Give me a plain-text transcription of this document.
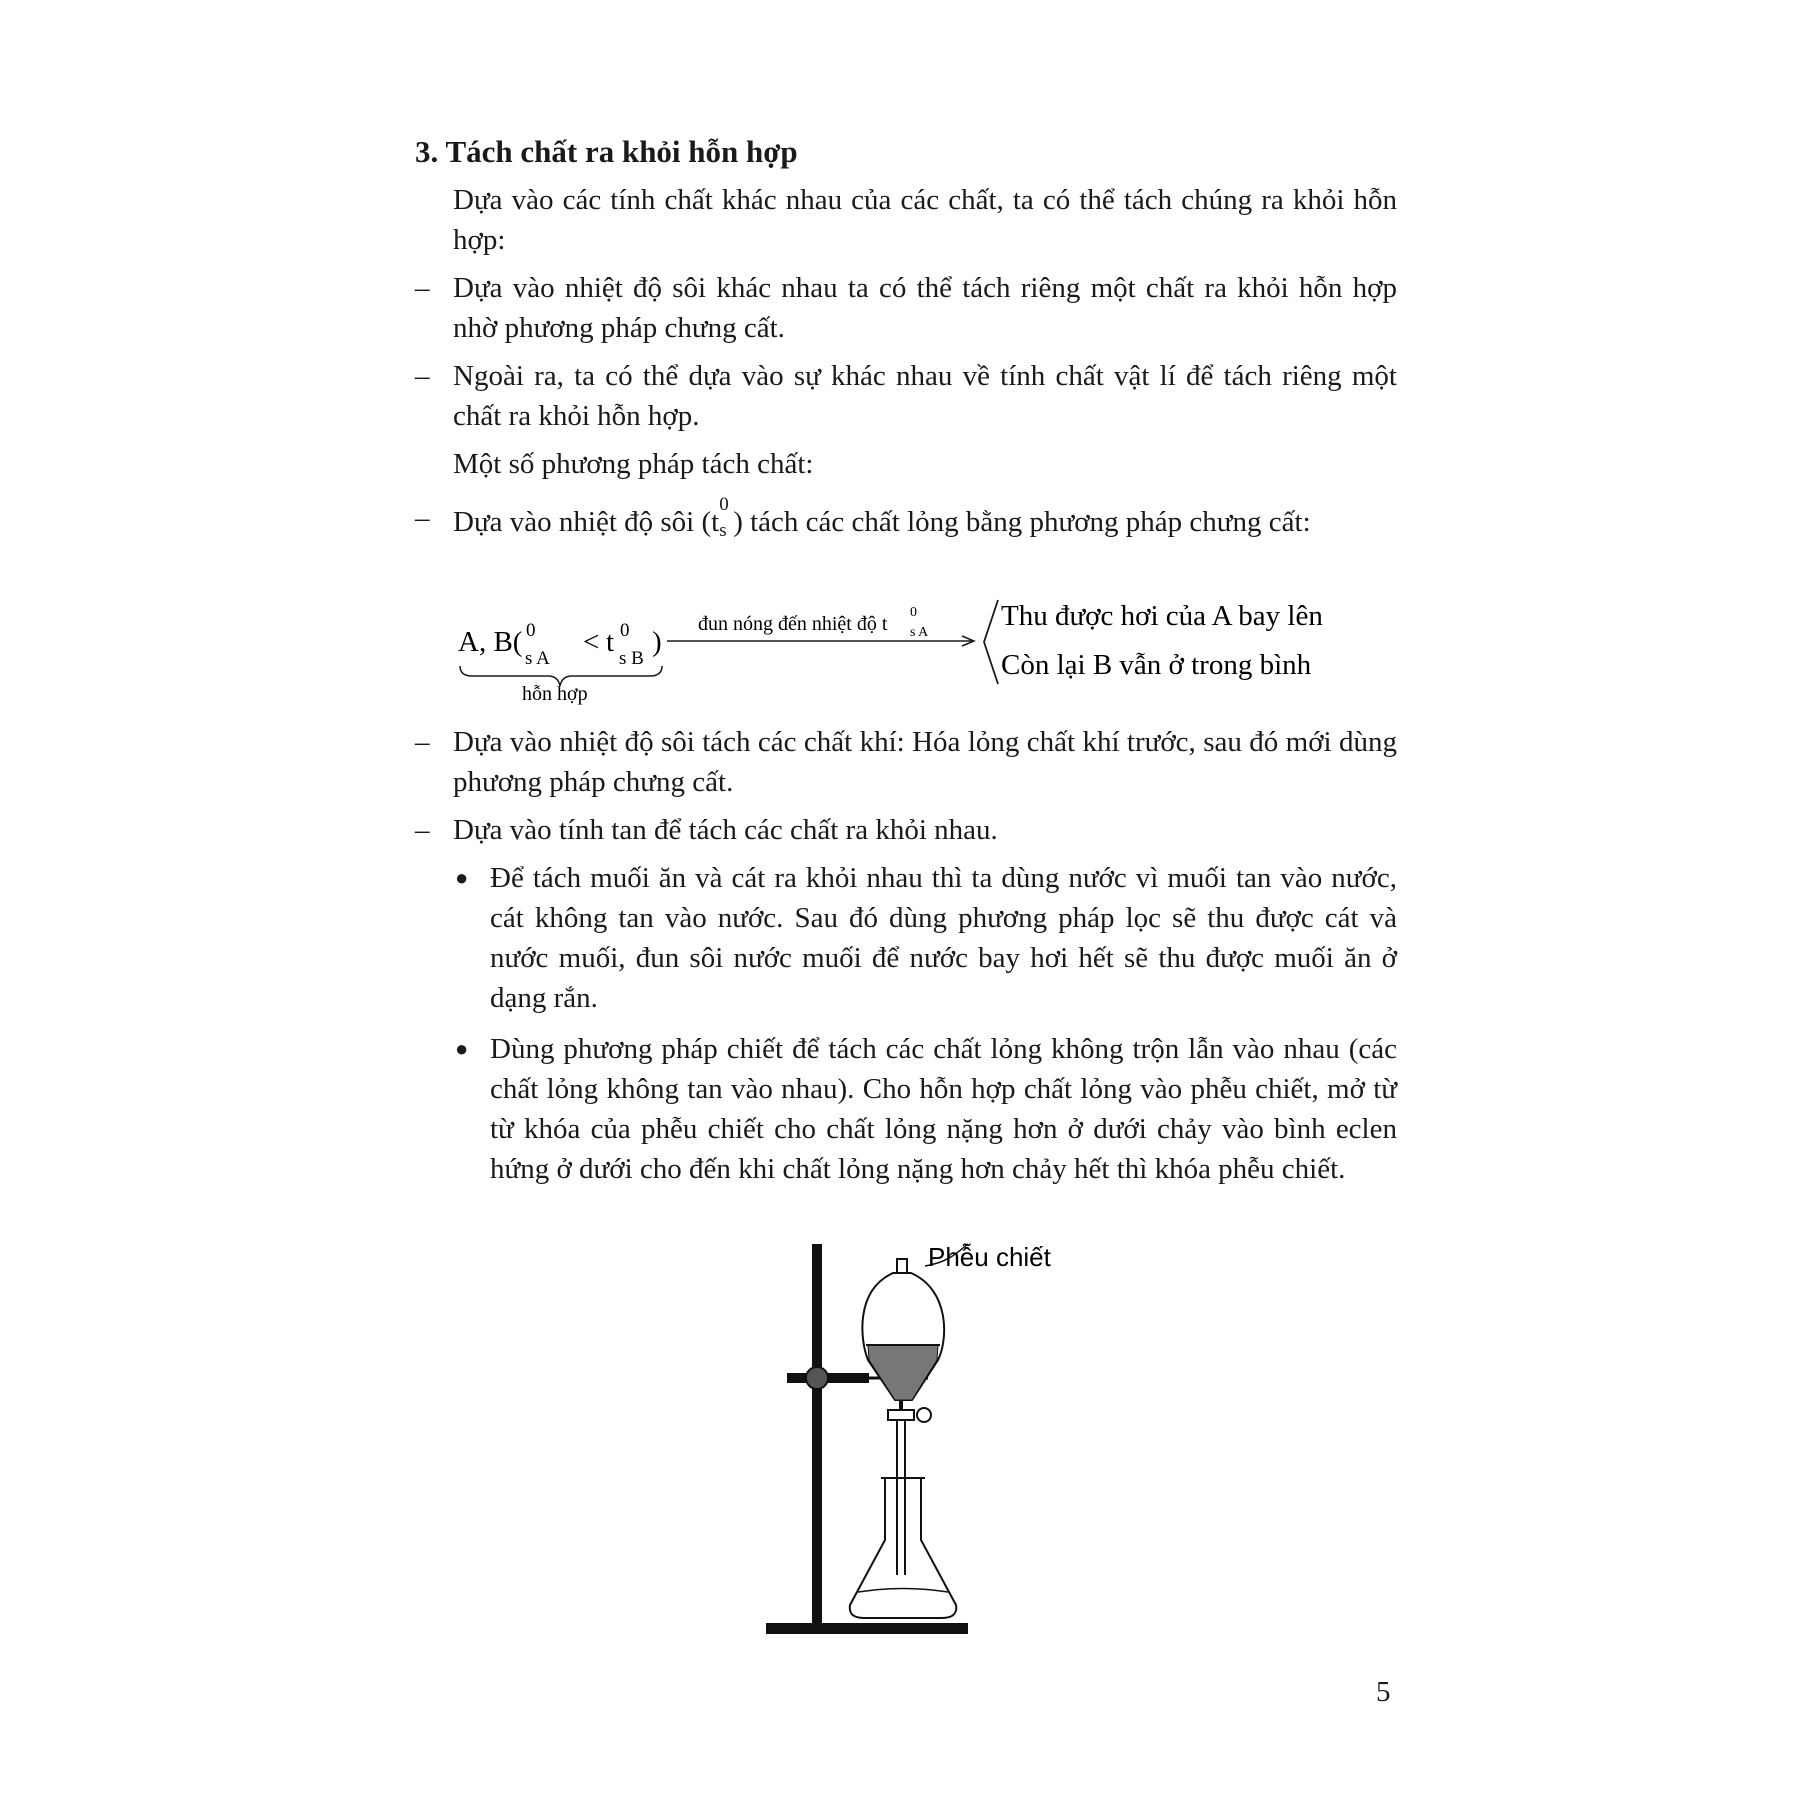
3. Tách chất ra khỏi hỗn hợp
Dựa vào các tính chất khác nhau của các chất, ta có thể tách chúng ra khỏi hỗn hợp:
– Dựa vào nhiệt độ sôi khác nhau ta có thể tách riêng một chất ra khỏi hỗn hợp nhờ phương pháp chưng cất.
– Ngoài ra, ta có thể dựa vào sự khác nhau về tính chất vật lí để tách riêng một chất ra khỏi hỗn hợp.
Một số phương pháp tách chất:
– Dựa vào nhiệt độ sôi (t
0
s ) tách các chất lỏng bằng phương pháp chưng cất:
A, B(
s A
0 < t
s B
0 )
hỗn hợp
đun nóng đến nhiệt độ t s A
0	Thu được hơi của A bay lên
Còn lại B vẫn ở trong bình
– Dựa vào nhiệt độ sôi tách các chất khí: Hóa lỏng chất khí trước, sau đó mới dùng phương pháp chưng cất.
– Dựa vào tính tan để tách các chất ra khỏi nhau.
● Để tách muối ăn và cát ra khỏi nhau thì ta dùng nước vì muối tan vào nước, cát không tan vào nước. Sau đó dùng phương pháp lọc sẽ thu được cát và nước muối, đun sôi nước muối để nước bay hơi hết sẽ thu được muối ăn ở dạng rắn.
● Dùng phương pháp chiết để tách các chất lỏng không trộn lẫn vào nhau (các chất lỏng không tan vào nhau). Cho hỗn hợp chất lỏng vào phễu chiết, mở từ từ khóa của phễu chiết cho chất lỏng nặng hơn ở dưới chảy vào bình eclen hứng ở dưới cho đến khi chất lỏng nặng hơn chảy hết thì khóa phễu chiết.
Phễu chiết
5
